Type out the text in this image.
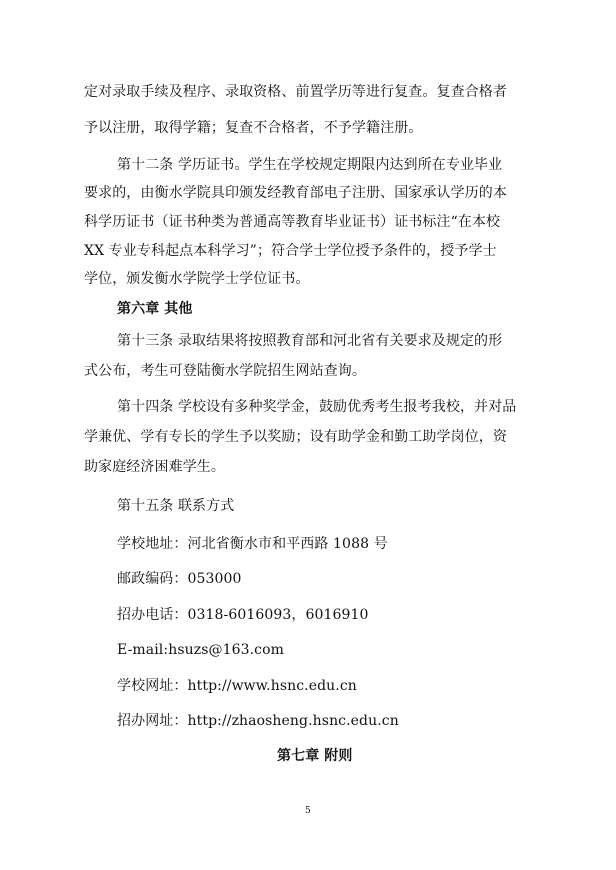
定对录取手续及程序、录取资格、前置学历等进行复查。复查合格者
予以注册，取得学籍；复查不合格者，不予学籍注册。
第十二条 学历证书。学生在学校规定期限内达到所在专业毕业
要求的，由衡水学院具印颁发经教育部电子注册、国家承认学历的本
科学历证书（证书种类为普通高等教育毕业证书）证书标注“在本校
XX 专业专科起点本科学习”；符合学士学位授予条件的，授予学士
学位，颁发衡水学院学士学位证书。
第六章 其他
第十三条 录取结果将按照教育部和河北省有关要求及规定的形
式公布，考生可登陆衡水学院招生网站查询。
第十四条 学校设有多种奖学金，鼓励优秀考生报考我校，并对品
学兼优、学有专长的学生予以奖励；设有助学金和勤工助学岗位，资
助家庭经济困难学生。
第十五条 联系方式
学校地址：河北省衡水市和平西路 1088 号
邮政编码：053000
招办电话：0318-6016093，6016910
E-mail:hsuzs@163.com
学校网址：http://www.hsnc.edu.cn
招办网址：http://zhaosheng.hsnc.edu.cn
第七章 附则
5
